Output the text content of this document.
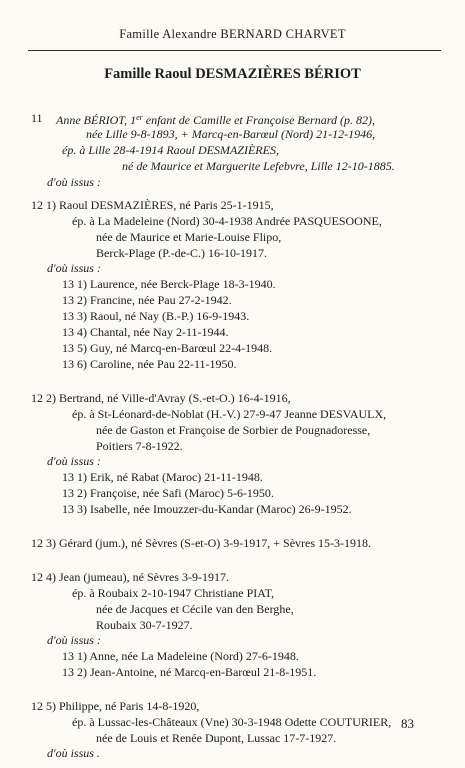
Famille Alexandre BERNARD CHARVET
Famille Raoul DESMAZIÈRES BÉRIOT
11 Anne BÉRIOT, 1er enfant de Camille et Françoise Bernard (p. 82),
née Lille 9-8-1893, + Marcq-en-Barœul (Nord) 21-12-1946,
ép. à Lille 28-4-1914 Raoul DESMAZIÈRES,
né de Maurice et Marguerite Lefebvre, Lille 12-10-1885.
d'où issus :
12 1) Raoul DESMAZIÈRES, né Paris 25-1-1915,
ép. à La Madeleine (Nord) 30-4-1938 Andrée PASQUESOONE,
née de Maurice et Marie-Louise Flipo,
Berck-Plage (P.-de-C.) 16-10-1917.
d'où issus :
13 1) Laurence, née Berck-Plage 18-3-1940.
13 2) Francine, née Pau 27-2-1942.
13 3) Raoul, né Nay (B.-P.) 16-9-1943.
13 4) Chantal, née Nay 2-11-1944.
13 5) Guy, né Marcq-en-Barœul 22-4-1948.
13 6) Caroline, née Pau 22-11-1950.
12 2) Bertrand, né Ville-d'Avray (S.-et-O.) 16-4-1916,
ép. à St-Léonard-de-Noblat (H.-V.) 27-9-47 Jeanne DESVAULX,
née de Gaston et Françoise de Sorbier de Pougnadoresse,
Poitiers 7-8-1922.
d'où issus :
13 1) Erik, né Rabat (Maroc) 21-11-1948.
13 2) Françoise, née Safi (Maroc) 5-6-1950.
13 3) Isabelle, née Imouzzer-du-Kandar (Maroc) 26-9-1952.
12 3) Gérard (jum.), né Sèvres (S-et-O) 3-9-1917, + Sèvres 15-3-1918.
12 4) Jean (jumeau), né Sèvres 3-9-1917.
ép. à Roubaix 2-10-1947 Christiane PIAT,
née de Jacques et Cécile van den Berghe,
Roubaix 30-7-1927.
d'où issus :
13 1) Anne, née La Madeleine (Nord) 27-6-1948.
13 2) Jean-Antoine, né Marcq-en-Barœul 21-8-1951.
12 5) Philippe, né Paris 14-8-1920,
ép. à Lussac-les-Châteaux (Vne) 30-3-1948 Odette COUTURIER,
née de Louis et Renée Dupont, Lussac 17-7-1927.
d'où issus .
83
